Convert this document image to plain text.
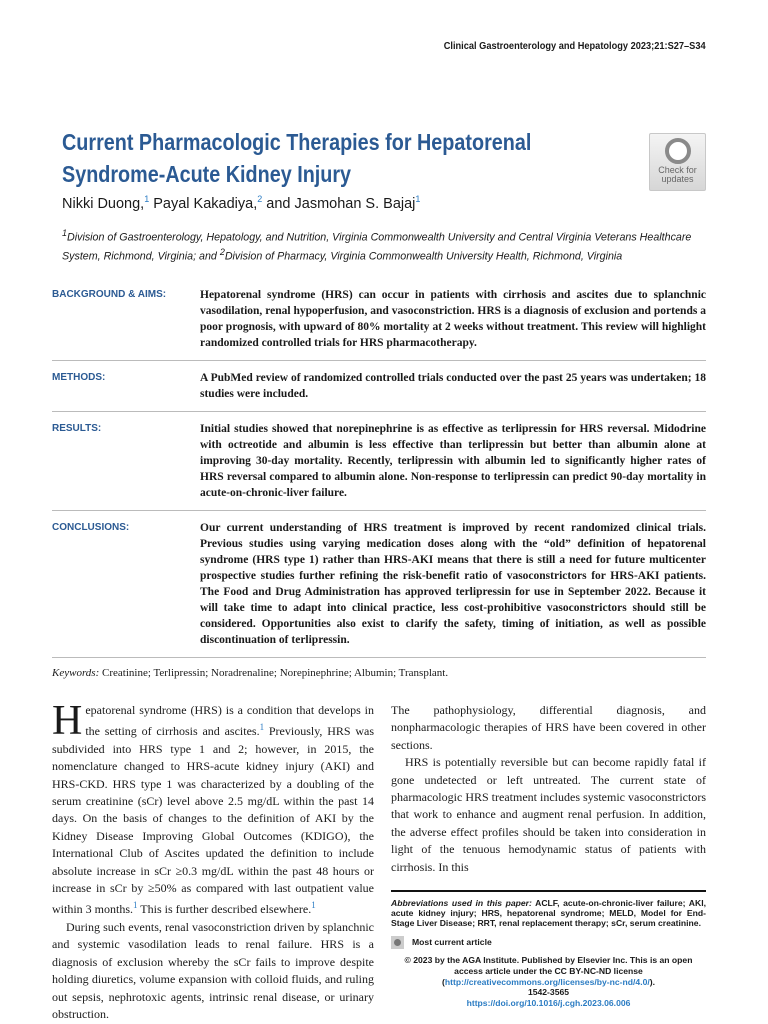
Clinical Gastroenterology and Hepatology 2023;21:S27–S34
Current Pharmacologic Therapies for Hepatorenal Syndrome-Acute Kidney Injury	Check for
updates
Nikki Duong,$^1$ Payal Kakadiya,$^2$ and Jasmohan S. Bajaj$^1$
$^1$Division of Gastroenterology, Hepatology, and Nutrition, Virginia Commonwealth University and Central Virginia Veterans Healthcare System, Richmond, Virginia; and $^2$Division of Pharmacy, Virginia Commonwealth University Health, Richmond, Virginia
BACKGROUND & AIMS:	Hepatorenal syndrome (HRS) can occur in patients with cirrhosis and ascites due to splanchnic vasodilation, renal hypoperfusion, and vasoconstriction. HRS is a diagnosis of exclusion and portends a poor prognosis, with upward of 80% mortality at 2 weeks without treatment. This review will highlight randomized controlled trials for HRS pharmacotherapy.
METHODS:	A PubMed review of randomized controlled trials conducted over the past 25 years was undertaken; 18 studies were included.
RESULTS:	Initial studies showed that norepinephrine is as effective as terlipressin for HRS reversal. Midodrine with octreotide and albumin is less effective than terlipressin but better than albumin alone at improving 30-day mortality. Recently, terlipressin with albumin led to significantly higher rates of HRS reversal compared to albumin alone. Non-response to terlipressin can predict 90-day mortality in acute-on-chronic-liver failure.
CONCLUSIONS:	Our current understanding of HRS treatment is improved by recent randomized clinical trials. Previous studies using varying medication doses along with the “old” definition of hepatorenal syndrome (HRS type 1) rather than HRS-AKI means that there is still a need for future multicenter prospective studies further refining the risk-benefit ratio of vasoconstrictors for HRS-AKI patients. The Food and Drug Administration has approved terlipressin for use in September 2022. Because it will take time to adapt into clinical practice, less cost-prohibitive vasoconstrictors should still be considered. Opportunities also exist to clarify the safety, timing of initiation, as well as possible discontinuation of terlipressin.
Keywords: Creatinine; Terlipressin; Noradrenaline; Norepinephrine; Albumin; Transplant.

Hepatorenal syndrome (HRS) is a condition that develops in the setting of cirrhosis and ascites.$^1$ Previously, HRS was subdivided into HRS type 1 and 2; however, in 2015, the nomenclature changed to HRS-acute kidney injury (AKI) and HRS-CKD. HRS type 1 was characterized by a doubling of the serum creatinine (sCr) level above 2.5 mg/dL within the past 14 days. On the basis of changes to the definition of AKI by the Kidney Disease Improving Global Outcomes (KDIGO), the International Club of Ascites updated the definition to include absolute increase in sCr ≥0.3 mg/dL within the past 48 hours or increase in sCr by ≥50% as compared with last outpatient value within 3 months.$^1$ This is further described elsewhere.$^1$

During such events, renal vasoconstriction driven by splanchnic and systemic vasodilation leads to renal failure. HRS is a diagnosis of exclusion whereby the sCr fails to improve despite holding diuretics, volume expansion with colloid fluids, and ruling out sepsis, nephrotoxic agents, intrinsic renal disease, or urinary obstruction.

The pathophysiology, differential diagnosis, and nonpharmacologic therapies of HRS have been covered in other sections.

HRS is potentially reversible but can become rapidly fatal if gone undetected or left untreated. The current state of pharmacologic HRS treatment includes systemic vasoconstrictors that work to enhance and augment renal perfusion. In addition, the adverse effect profiles should be taken into consideration in light of the tenuous hemodynamic status of patients with cirrhosis. In this

Abbreviations used in this paper: ACLF, acute-on-chronic-liver failure; AKI, acute kidney injury; HRS, hepatorenal syndrome; MELD, Model for End-Stage Liver Disease; RRT, renal replacement therapy; sCr, serum creatinine.
Most current article
© 2023 by the AGA Institute. Published by Elsevier Inc. This is an open access article under the CC BY-NC-ND license (http://creativecommons.org/licenses/by-nc-nd/4.0/).
1542-3565
https://doi.org/10.1016/j.cgh.2023.06.006
